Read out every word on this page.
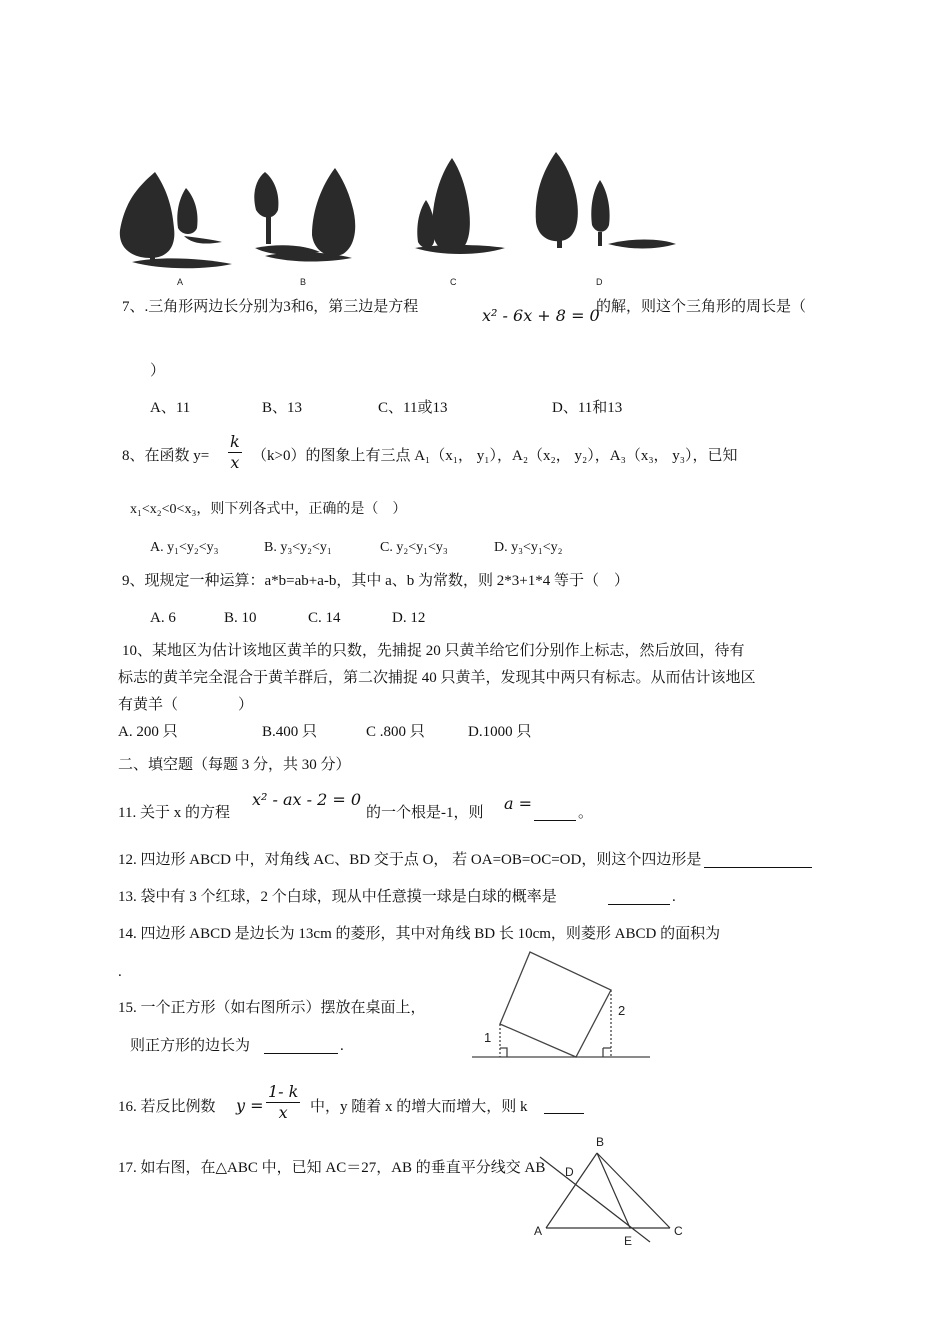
A	B	C	D
7、.三角形两边长分别为3和6，第三边是方程	x² - 6x + 8 = 0
的解，则这个三角形的周长是（
）
A、11	B、13	C、11或13	D、11和13
8、在函数 $y= \frac{k}{x} (k>0)$的图象上有三点 A₁（x₁， y₁），A₂（x₂， y₂），A₃（x₃， y₃），已知
x₁<x₂<0<x₃，则下列各式中，正确的是（　）
A. y₁<y₂<y₃	B. y₃<y₂<y₁	C. y₂<y₁<y₃	D. y₃<y₁<y₂
9、现规定一种运算：a*b=ab+a-b，其中 a、b 为常数，则 2*3+1*4 等于（　）
A. 6	B. 10	C. 14	D. 12
10、某地区为估计该地区黄羊的只数，先捕捉 20 只黄羊给它们分别作上标志，然后放回，待有
标志的黄羊完全混合于黄羊群后，第二次捕捉 40 只黄羊，发现其中两只有标志。从而估计该地区
有黄羊（　　　　）
A. 200 只	B.400 只	C .800 只	D.1000 只
二、填空题（每题 3 分，共 30 分）
11. 关于 x 的方程
x² - ax - 2 = 0
的一个根是-1，则 a =	。
12. 四边形 ABCD 中，对角线 AC、BD 交于点 O， 若 OA=OB=OC=OD，则这个四边形是
13. 袋中有 3 个红球，2 个白球，现从中任意摸一球是白球的概率是	.
14. 四边形 ABCD 是边长为 13cm 的菱形，其中对角线 BD 长 10cm，则菱形 ABCD 的面积为
.
15. 一个正方形（如右图所示）摆放在桌面上，
则正方形的边长为	.
1
2
16. 若反比例数 $y = \frac{1- k}{x}$ 中，y 随着 x 的增大而增大，则 k
17. 如右图，在△ABC 中，已知 AC＝27，AB 的垂直平分线交 AB
B
D
A
E
C
